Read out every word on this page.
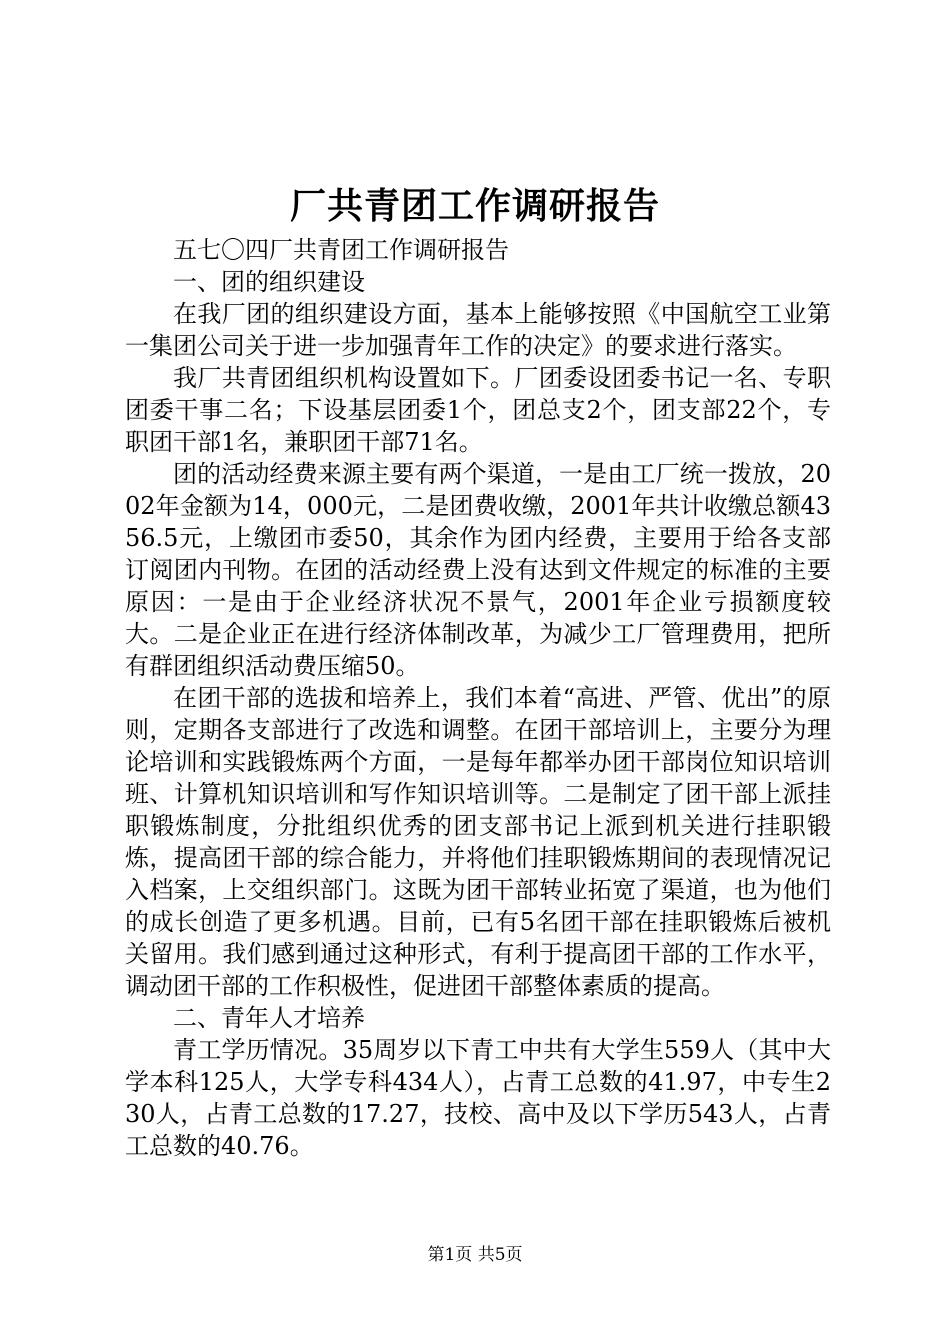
厂共青团工作调研报告

五七〇四厂共青团工作调研报告

一、团的组织建设

在我厂团的组织建设方面，基本上能够按照《中国航空工业第一集团公司关于进一步加强青年工作的决定》的要求进行落实。

我厂共青团组织机构设置如下。厂团委设团委书记一名、专职团委干事二名；下设基层团委1个，团总支2个，团支部22个，专职团干部1名，兼职团干部71名。

团的活动经费来源主要有两个渠道，一是由工厂统一拨放，2002年金额为14，000元，二是团费收缴，2001年共计收缴总额4356.5元，上缴团市委50，其余作为团内经费，主要用于给各支部订阅团内刊物。在团的活动经费上没有达到文件规定的标准的主要原因：一是由于企业经济状况不景气，2001年企业亏损额度较大。二是企业正在进行经济体制改革，为减少工厂管理费用，把所有群团组织活动费压缩50。

在团干部的选拔和培养上，我们本着“高进、严管、优出”的原则，定期各支部进行了改选和调整。在团干部培训上，主要分为理论培训和实践锻炼两个方面，一是每年都举办团干部岗位知识培训班、计算机知识培训和写作知识培训等。二是制定了团干部上派挂职锻炼制度，分批组织优秀的团支部书记上派到机关进行挂职锻炼，提高团干部的综合能力，并将他们挂职锻炼期间的表现情况记入档案，上交组织部门。这既为团干部转业拓宽了渠道，也为他们的成长创造了更多机遇。目前，已有5名团干部在挂职锻炼后被机关留用。我们感到通过这种形式，有利于提高团干部的工作水平，调动团干部的工作积极性，促进团干部整体素质的提高。

二、青年人才培养

青工学历情况。35周岁以下青工中共有大学生559人（其中大学本科125人，大学专科434人），占青工总数的41.97，中专生230人，占青工总数的17.27，技校、高中及以下学历543人，占青工总数的40.76。

第1页 共5页
